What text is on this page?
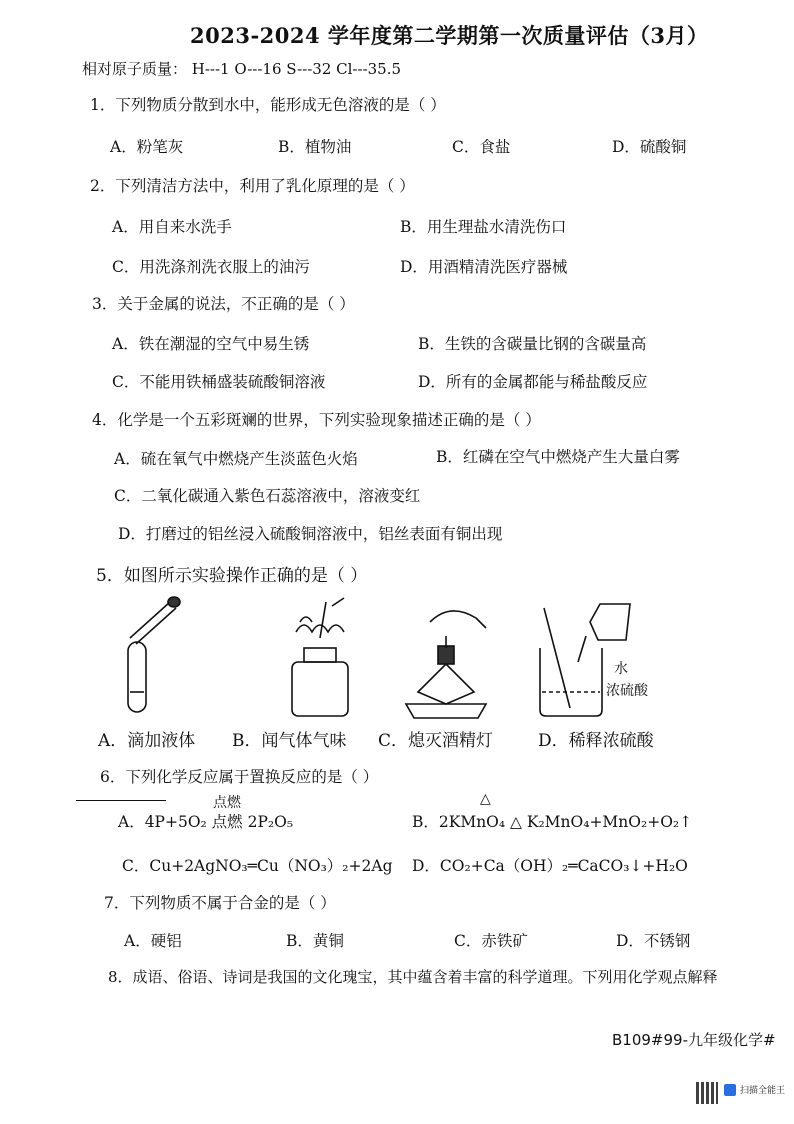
2023-2024 学年度第二学期第一次质量评估（3月）
相对原子质量： H---1 O---16 S---32 Cl---35.5
1．下列物质分散到水中，能形成无色溶液的是（ ）
A．粉笔灰	B．植物油	C．食盐	D．硫酸铜
2．下列清洁方法中，利用了乳化原理的是（ ）
A．用自来水洗手	B．用生理盐水清洗伤口
C．用洗涤剂洗衣服上的油污	D．用酒精清洗医疗器械
3．关于金属的说法，不正确的是（ ）
A．铁在潮湿的空气中易生锈	B．生铁的含碳量比钢的含碳量高
C．不能用铁桶盛装硫酸铜溶液	D．所有的金属都能与稀盐酸反应
4．化学是一个五彩斑斓的世界，下列实验现象描述正确的是（ ）
A．硫在氧气中燃烧产生淡蓝色火焰	B．红磷在空气中燃烧产生大量白雾
C．二氧化碳通入紫色石蕊溶液中，溶液变红
D．打磨过的铝丝浸入硫酸铜溶液中，铝丝表面有铜出现
5．如图所示实验操作正确的是（ ）
水
浓硫酸
A．滴加液体 B．闻气体气味 C．熄灭酒精灯	D．稀释浓硫酸
6．下列化学反应属于置换反应的是（ ）
A．4P+5O₂ 点燃 2P₂O₅
点燃
B．2KMnO₄ △ K₂MnO₄+MnO₂+O₂↑
△
C．Cu+2AgNO₃═Cu（NO₃）₂+2Ag D．CO₂+Ca（OH）₂═CaCO₃↓+H₂O
7．下列物质不属于合金的是（ ）
A．硬铝	B．黄铜	C．赤铁矿	D．不锈钢
8．成语、俗语、诗词是我国的文化瑰宝，其中蕴含着丰富的科学道理。下列用化学观点解释
B109#99-九年级化学#
扫描全能王
